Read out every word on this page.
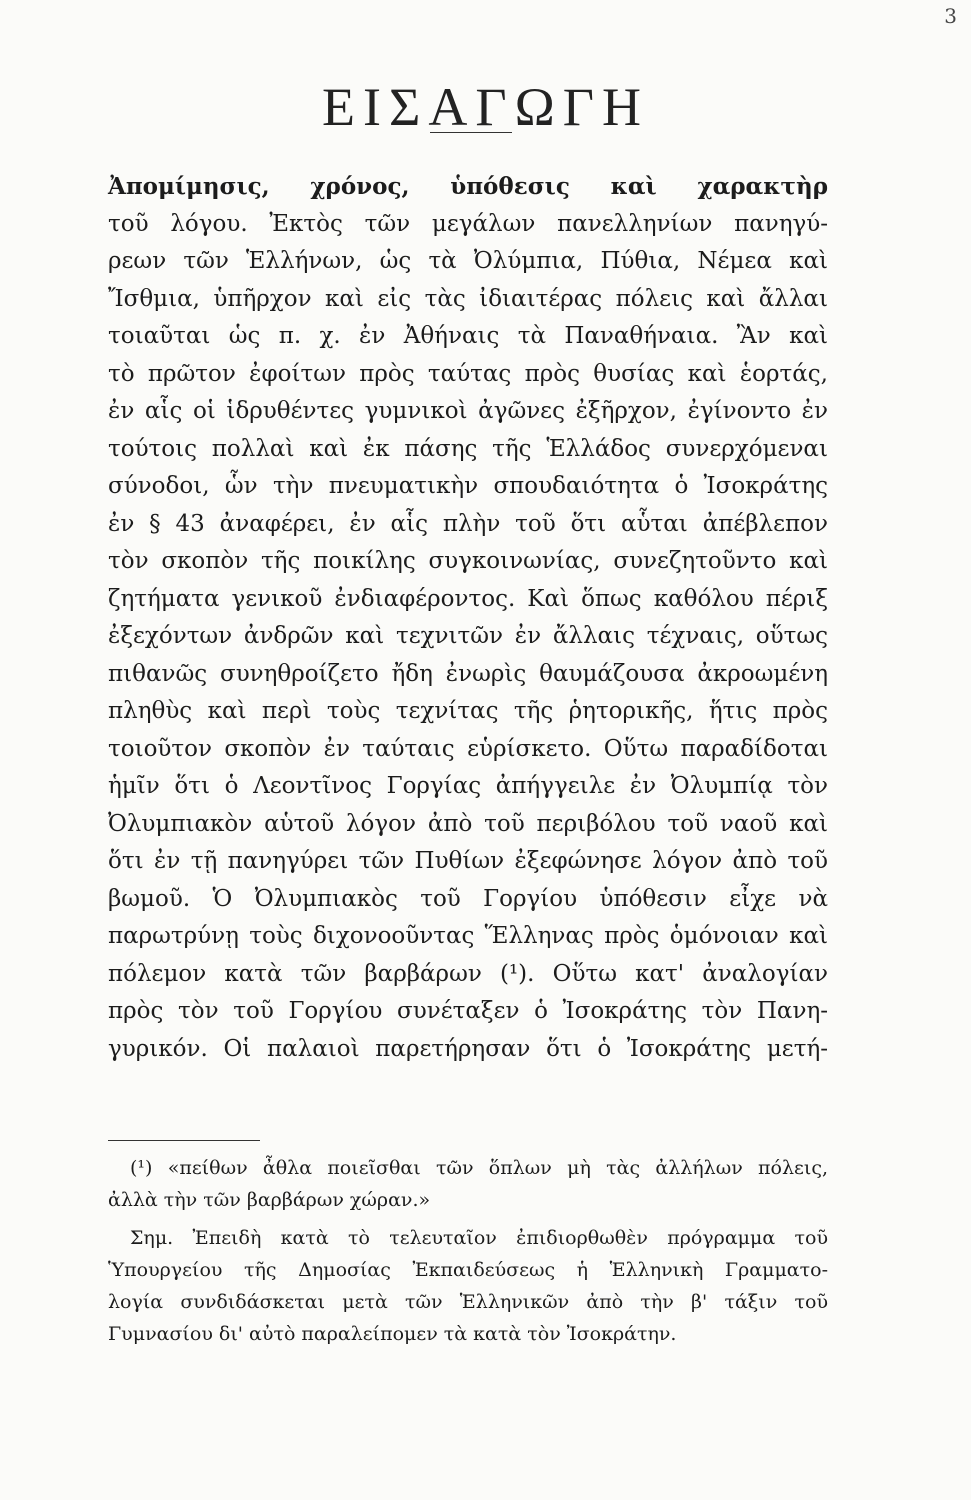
3
ΕΙΣΑΓΩΓΗ
Ἀπομίμησις, χρόνος, ὑπόθεσις καὶ χαρακτὴρ
τοῦ λόγου. Ἐκτὸς τῶν μεγάλων πανελληνίων πανηγύ-
ρεων τῶν Ἑλλήνων, ὡς τὰ Ὀλύμπια, Πύθια, Νέμεα καὶ
Ἴσθμια, ὑπῆρχον καὶ εἰς τὰς ἰδιαιτέρας πόλεις καὶ ἄλλαι
τοιαῦται ὡς π. χ. ἐν Ἀθήναις τὰ Παναθήναια. Ἂν καὶ
τὸ πρῶτον ἐφοίτων πρὸς ταύτας πρὸς θυσίας καὶ ἑορτάς,
ἐν αἷς οἱ ἱδρυθέντες γυμνικοὶ ἀγῶνες ἐξῆρχον, ἐγίνοντο ἐν
τούτοις πολλαὶ καὶ ἐκ πάσης τῆς Ἑλλάδος συνερχόμεναι
σύνοδοι, ὧν τὴν πνευματικὴν σπουδαιότητα ὁ Ἰσοκράτης
ἐν § 43 ἀναφέρει, ἐν αἷς πλὴν τοῦ ὅτι αὗται ἀπέβλεπον
τὸν σκοπὸν τῆς ποικίλης συγκοινωνίας, συνεζητοῦντο καὶ
ζητήματα γενικοῦ ἐνδιαφέροντος. Καὶ ὅπως καθόλου πέριξ
ἐξεχόντων ἀνδρῶν καὶ τεχνιτῶν ἐν ἄλλαις τέχναις, οὕτως
πιθανῶς συνηθροίζετο ἤδη ἐνωρὶς θαυμάζουσα ἀκροωμένη
πληθὺς καὶ περὶ τοὺς τεχνίτας τῆς ῥητορικῆς, ἥτις πρὸς
τοιοῦτον σκοπὸν ἐν ταύταις εὑρίσκετο. Οὕτω παραδίδοται
ἡμῖν ὅτι ὁ Λεοντῖνος Γοργίας ἀπήγγειλε ἐν Ὀλυμπίᾳ τὸν
Ὀλυμπιακὸν αὑτοῦ λόγον ἀπὸ τοῦ περιβόλου τοῦ ναοῦ καὶ
ὅτι ἐν τῇ πανηγύρει τῶν Πυθίων ἐξεφώνησε λόγον ἀπὸ τοῦ
βωμοῦ. Ὁ Ὀλυμπιακὸς τοῦ Γοργίου ὑπόθεσιν εἶχε νὰ
παρωτρύνῃ τοὺς διχονοοῦντας Ἕλληνας πρὸς ὁμόνοιαν καὶ
πόλεμον κατὰ τῶν βαρβάρων (¹). Οὕτω κατ' ἀναλογίαν
πρὸς τὸν τοῦ Γοργίου συνέταξεν ὁ Ἰσοκράτης τὸν Πανη-
γυρικόν. Οἱ παλαιοὶ παρετήρησαν ὅτι ὁ Ἰσοκράτης μετή-
(¹) «πείθων ἆθλα ποιεῖσθαι τῶν ὅπλων μὴ τὰς ἀλλήλων πόλεις,
ἀλλὰ τὴν τῶν βαρβάρων χώραν.»
Σημ. Ἐπειδὴ κατὰ τὸ τελευταῖον ἐπιδιορθωθὲν πρόγραμμα τοῦ
Ὑπουργείου τῆς Δημοσίας Ἐκπαιδεύσεως ἡ Ἑλληνικὴ Γραμματο-
λογία συνδιδάσκεται μετὰ τῶν Ἑλληνικῶν ἀπὸ τὴν β' τάξιν τοῦ
Γυμνασίου δι' αὐτὸ παραλείπομεν τὰ κατὰ τὸν Ἰσοκράτην.
